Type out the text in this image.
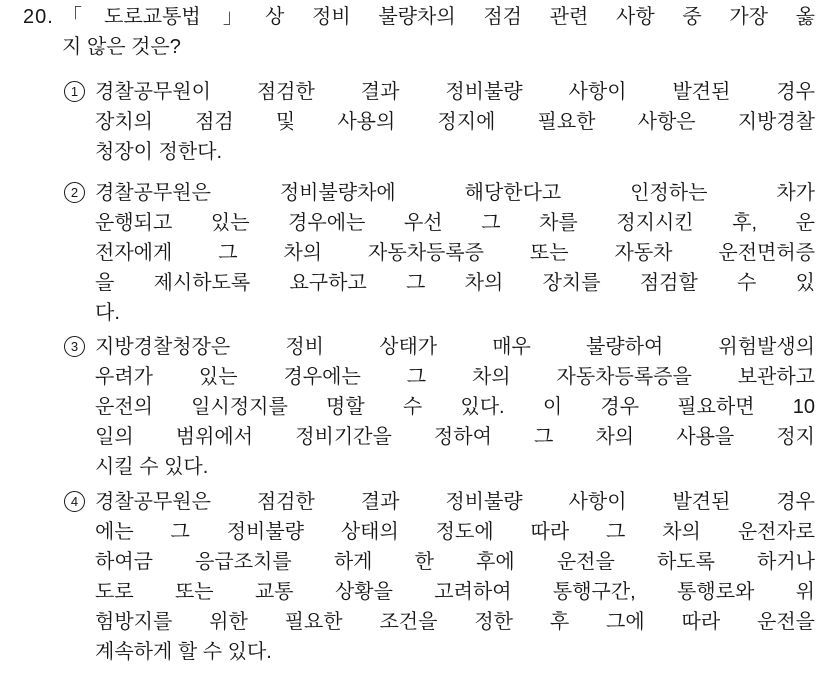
20. 「도로교통법」상 정비 불량차의 점검 관련 사항 중 가장 옳
지 않은 것은?
1 경찰공무원이 점검한 결과 정비불량 사항이 발견된 경우
장치의 점검 및 사용의 정지에 필요한 사항은 지방경찰
청장이 정한다.
2 경찰공무원은 정비불량차에 해당한다고 인정하는 차가
운행되고 있는 경우에는 우선 그 차를 정지시킨 후, 운
전자에게 그 차의 자동차등록증 또는 자동차 운전면허증
을 제시하도록 요구하고 그 차의 장치를 점검할 수 있
다.
3 지방경찰청장은 정비 상태가 매우 불량하여 위험발생의
우려가 있는 경우에는 그 차의 자동차등록증을 보관하고
운전의 일시정지를 명할 수 있다. 이 경우 필요하면 10
일의 범위에서 정비기간을 정하여 그 차의 사용을 정지
시킬 수 있다.
4 경찰공무원은 점검한 결과 정비불량 사항이 발견된 경우
에는 그 정비불량 상태의 정도에 따라 그 차의 운전자로
하여금 응급조치를 하게 한 후에 운전을 하도록 하거나
도로 또는 교통 상황을 고려하여 통행구간, 통행로와 위
험방지를 위한 필요한 조건을 정한 후 그에 따라 운전을
계속하게 할 수 있다.
